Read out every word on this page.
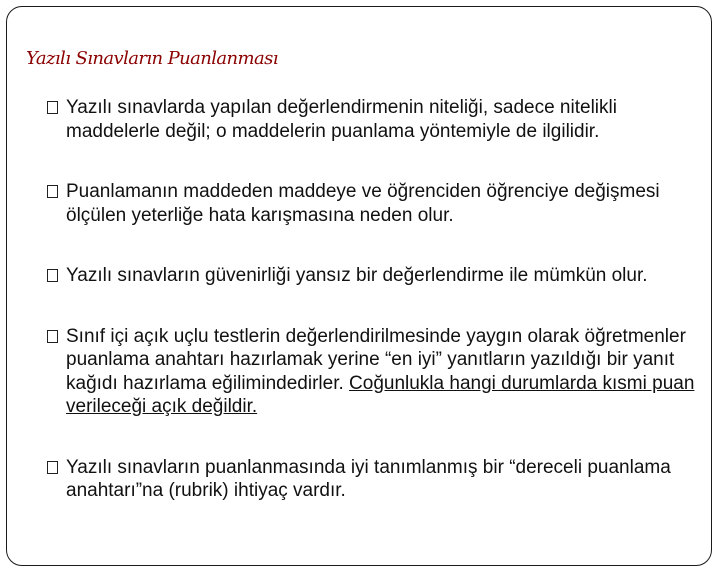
Yazılı Sınavların Puanlanması
Yazılı sınavlarda yapılan değerlendirmenin niteliği, sadece nitelikli maddelerle değil; o maddelerin puanlama yöntemiyle de ilgilidir.
Puanlamanın maddeden maddeye ve öğrenciden öğrenciye değişmesi ölçülen yeterliğe hata karışmasına neden olur.
Yazılı sınavların güvenirliği yansız bir değerlendirme ile mümkün olur.
Sınıf içi açık uçlu testlerin değerlendirilmesinde yaygın olarak öğretmenler puanlama anahtarı hazırlamak yerine “en iyi” yanıtların yazıldığı bir yanıt kağıdı hazırlama eğilimindedirler. Coğunlukla hangi durumlarda kısmi puan verileceği açık değildir.
Yazılı sınavların puanlanmasında iyi tanımlanmış bir “dereceli puanlama anahtarı”na (rubrik) ihtiyaç vardır.
